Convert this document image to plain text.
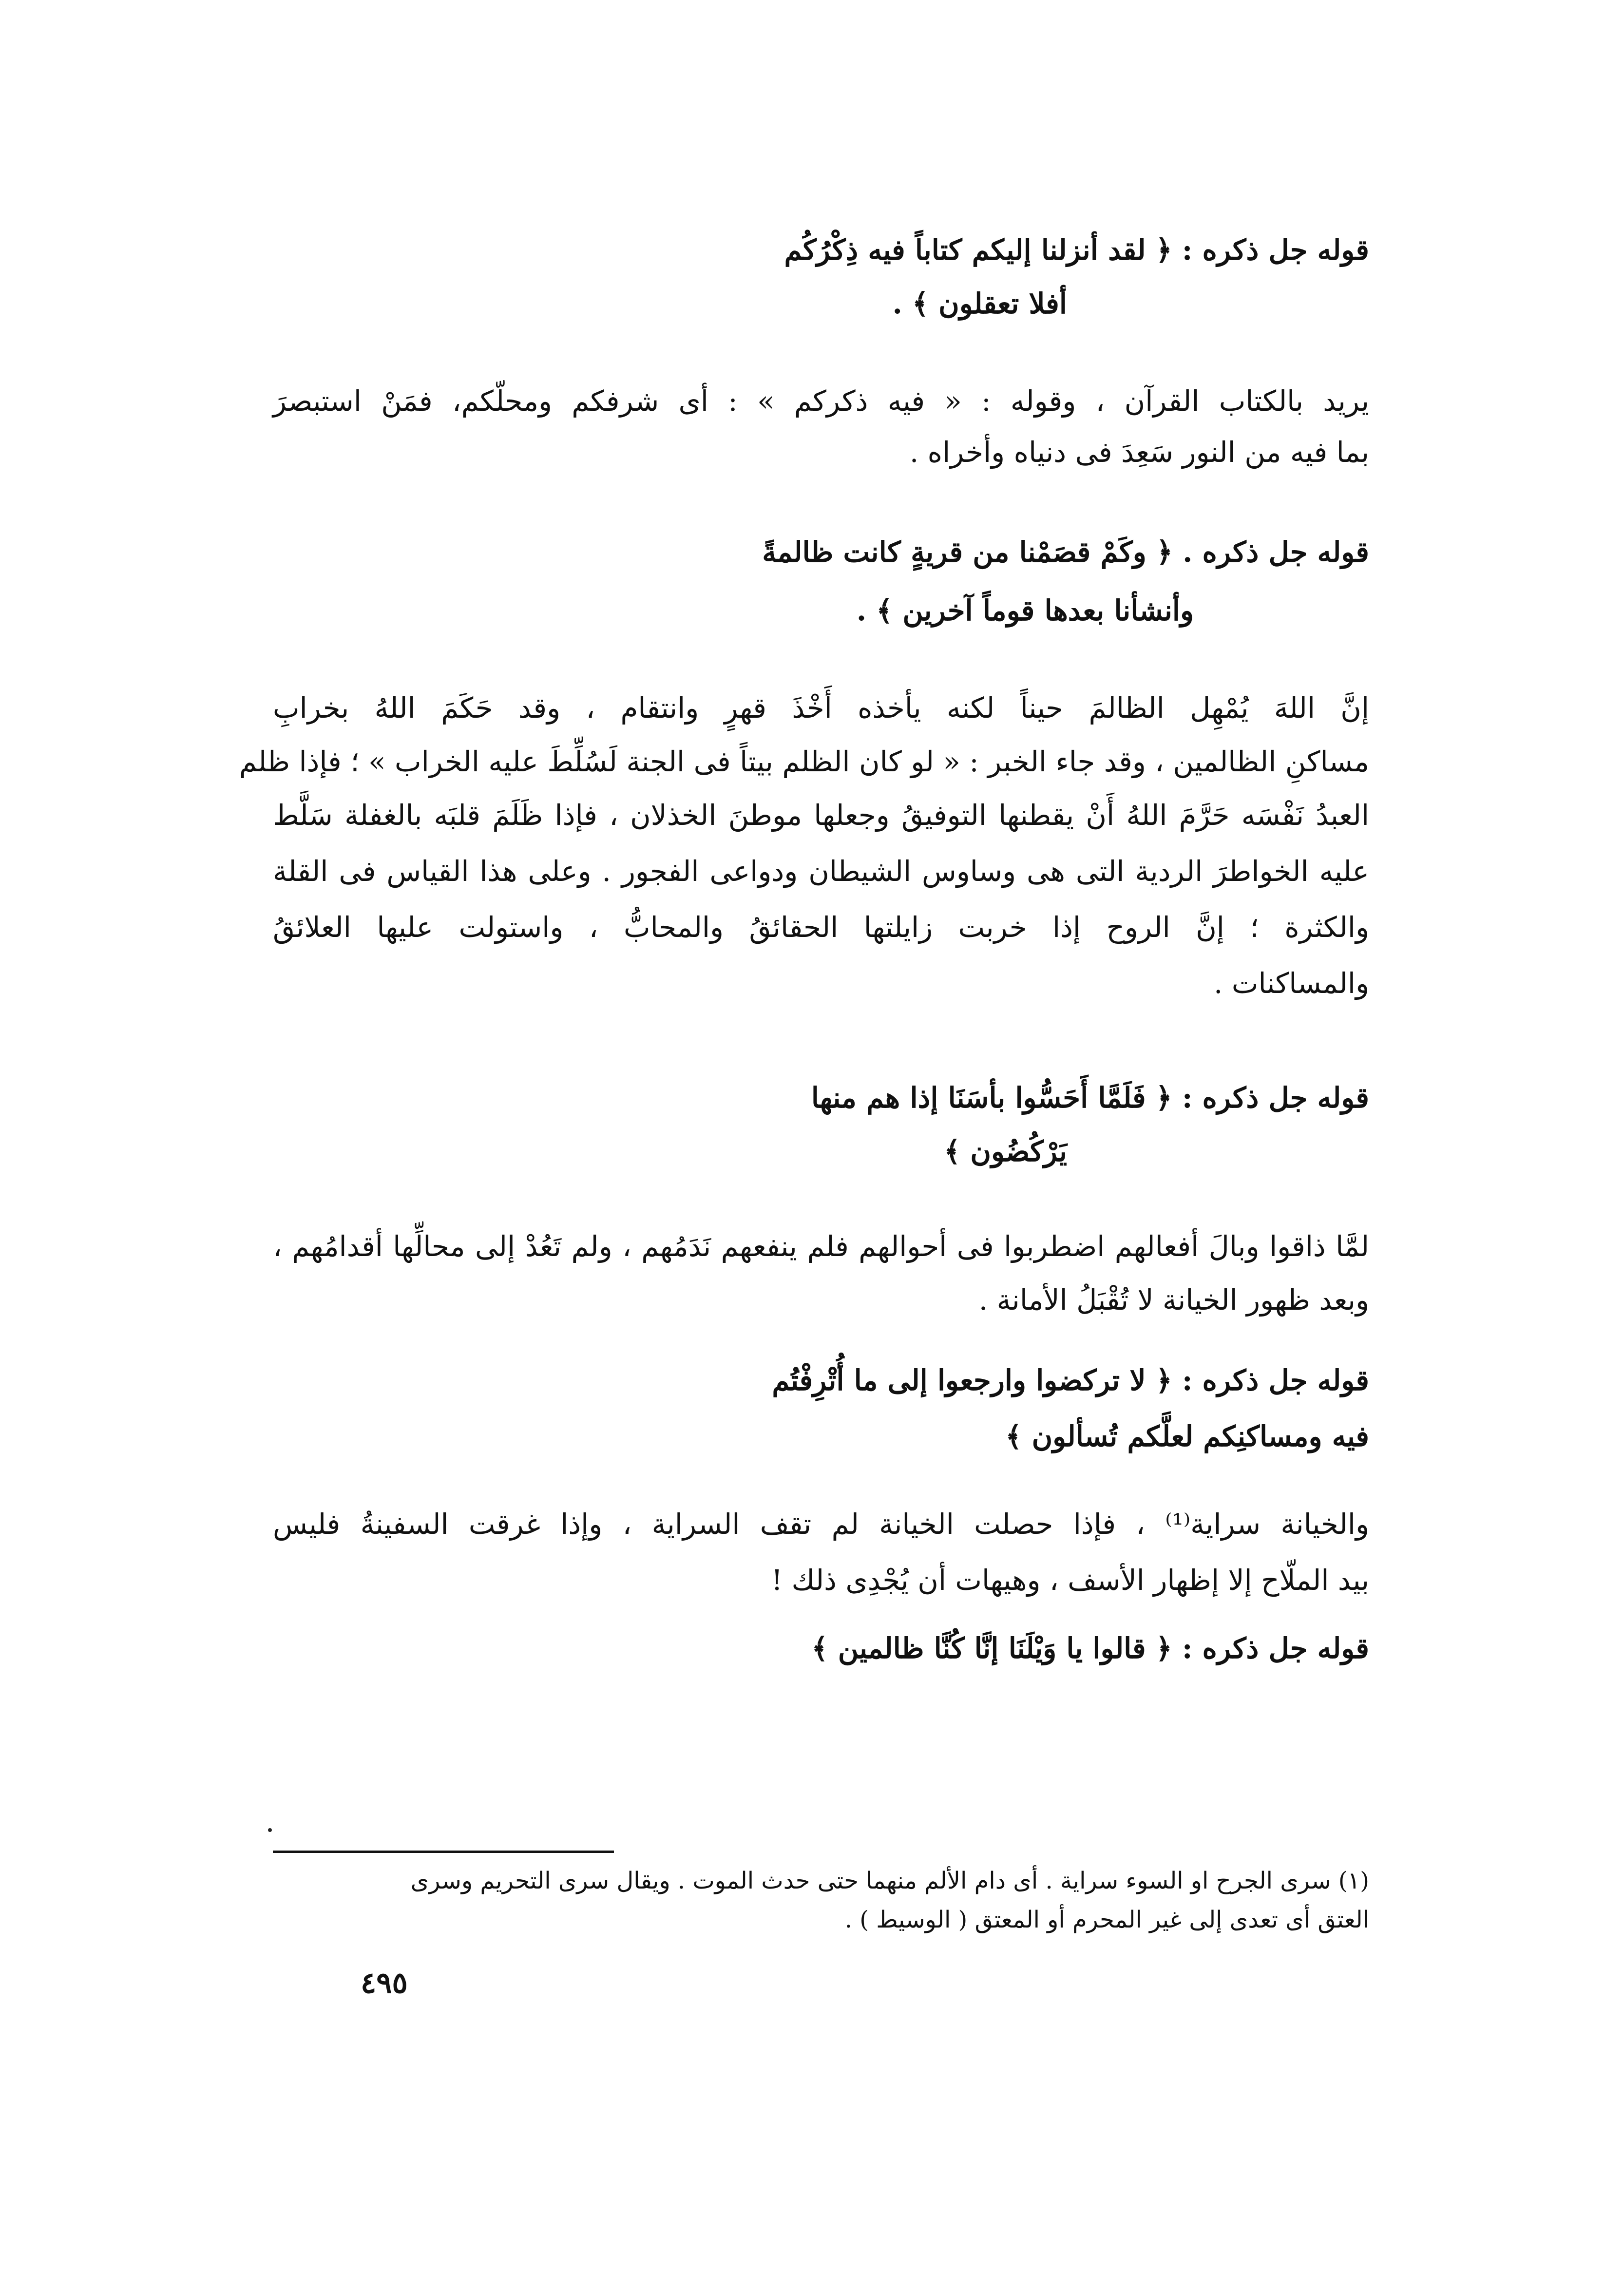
قوله جل ذكره : ﴿ لقد أنزلنا إليكم كتاباً فيه ذِكْرُكُم
أفلا تعقلون ﴾ .
يريد بالكتاب القرآن ، وقوله : « فيه ذكركم » : أى شرفكم ومحلّكم، فمَنْ استبصرَ
بما فيه من النور سَعِدَ فى دنياه وأخراه .
قوله جل ذكره . ﴿ وكَمْ قصَمْنا من قريةٍ كانت ظالمةً
وأنشأنا بعدها قوماً آخرين ﴾ .
إنَّ اللهَ يُمْهِل الظالمَ حيناً لكنه يأخذه أَخْذَ قهرٍ وانتقام ، وقد حَكَمَ اللهُ بخرابِ
مساكنِ الظالمين ، وقد جاء الخبر : « لو كان الظلم بيتاً فى الجنة لَسُلِّطَ عليه الخراب » ؛ فإذا ظلم
العبدُ نَفْسَه حَرَّمَ اللهُ أَنْ يقطنها التوفيقُ وجعلها موطنَ الخذلان ، فإذا ظَلَمَ قلبَه بالغفلة سَلَّط
عليه الخواطرَ الردية التى هى وساوس الشيطان ودواعى الفجور . وعلى هذا القياس فى القلة
والكثرة ؛ إنَّ الروح إذا خربت زايلتها الحقائقُ والمحابُّ ، واستولت عليها العلائقُ
والمساكنات .
قوله جل ذكره : ﴿ فَلَمَّا أَحَسُّوا بأسَنَا إذا هم منها
يَرْكُضُون ﴾
لمَّا ذاقوا وبالَ أفعالهم اضطربوا فى أحوالهم فلم ينفعهم نَدَمُهم ، ولم تَعُدْ إلى محالِّها أقدامُهم ،
وبعد ظهور الخيانة لا تُقْبَلُ الأمانة .
قوله جل ذكره : ﴿ لا تركضوا وارجعوا إلى ما أُتْرِفْتُم
فيه ومساكنِكم لعلَّكم تُسألون ﴾
والخيانة سراية⁽¹⁾ ، فإذا حصلت الخيانة لم تقف السراية ، وإذا غرقت السفينةُ فليس
بيد الملّاح إلا إظهار الأسف ، وهيهات أن يُجْدِى ذلك !
قوله جل ذكره : ﴿ قالوا يا وَيْلَنَا إنَّا كُنَّا ظالمين ﴾
(١) سرى الجرح او السوء سراية . أى دام الألم منهما حتى حدث الموت . ويقال سرى التحريم وسرى
العتق أى تعدى إلى غير المحرم أو المعتق ( الوسيط ) .
٤٩٥
